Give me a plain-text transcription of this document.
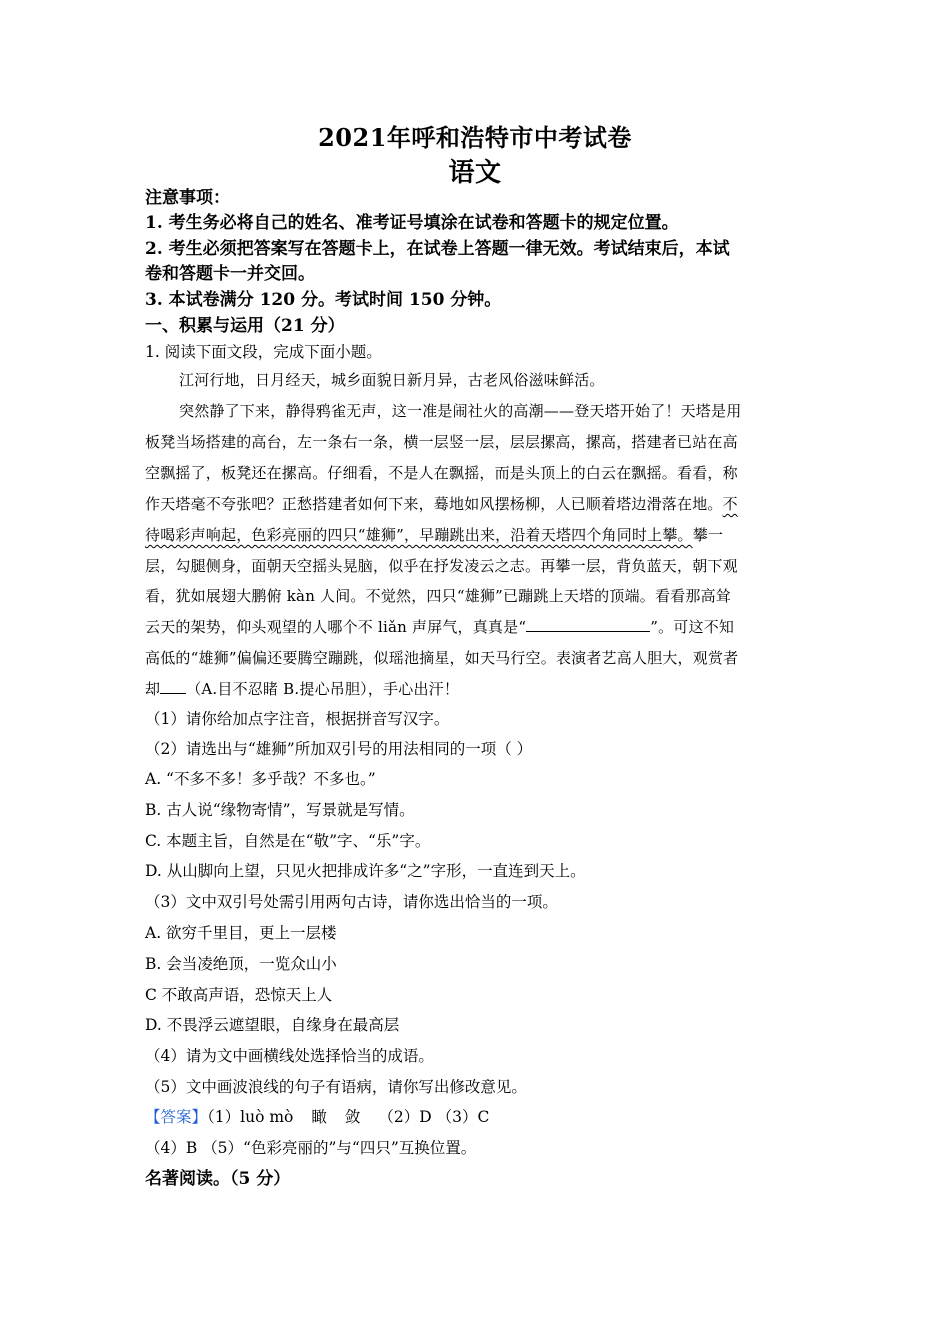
2021年呼和浩特市中考试卷
语文
注意事项：
1. 考生务必将自己的姓名、准考证号填涂在试卷和答题卡的规定位置。
2. 考生必须把答案写在答题卡上，在试卷上答题一律无效。考试结束后，本试
卷和答题卡一并交回。
3. 本试卷满分 120 分。考试时间 150 分钟。
一、积累与运用（21 分）
1. 阅读下面文段，完成下面小题。
江河行地，日月经天，城乡面貌日新月异，古老风俗滋味鲜活。
突然静了下来，静得鸦雀无声，这一准是闹社火的高潮——登天塔开始了！天塔是用
板凳当场搭建的高台，左一条右一条，横一层竖一层，层层摞高，摞高，搭建者已站在高
空飘摇了，板凳还在摞高。仔细看，不是人在飘摇，而是头顶上的白云在飘摇。看看，称
作天塔毫不夸张吧？正愁搭建者如何下来，蓦地如风摆杨柳，人已顺着塔边滑落在地。不
待喝彩声响起，色彩亮丽的四只“雄狮”，早蹦跳出来，沿着天塔四个角同时上攀。攀一
层，勾腿侧身，面朝天空摇头晃脑，似乎在抒发凌云之志。再攀一层，背负蓝天，朝下观
看，犹如展翅大鹏俯 kàn 人间。不觉然，四只“雄狮”已蹦跳上天塔的顶端。看看那高耸
云天的架势，仰头观望的人哪个不 liǎn 声屏气，真真是“	”。可这不知
高低的“雄狮”偏偏还要腾空蹦跳，似瑶池摘星，如天马行空。表演者艺高人胆大，观赏者
却 （A.目不忍睹 B.提心吊胆），手心出汗！
（1）请你给加点字注音，根据拼音写汉字。
（2）请选出与“雄狮”所加双引号的用法相同的一项（ ）
A. “不多不多！多乎哉？不多也。”
B. 古人说“缘物寄情”，写景就是写情。
C. 本题主旨，自然是在“敬”字、“乐”字。
D. 从山脚向上望，只见火把排成许多“之”字形，一直连到天上。
（3）文中双引号处需引用两句古诗，请你选出恰当的一项。
A. 欲穷千里目，更上一层楼
B. 会当凌绝顶，一览众山小
C 不敢高声语，恐惊天上人
D. 不畏浮云遮望眼，自缘身在最高层
（4）请为文中画横线处选择恰当的成语。
（5）文中画波浪线的句子有语病，请你写出修改意见。
【答案】（1）luò mò 瞰 敛 （2）D （3）C
（4）B （5）“色彩亮丽的”与“四只”互换位置。
名著阅读。（5 分）
